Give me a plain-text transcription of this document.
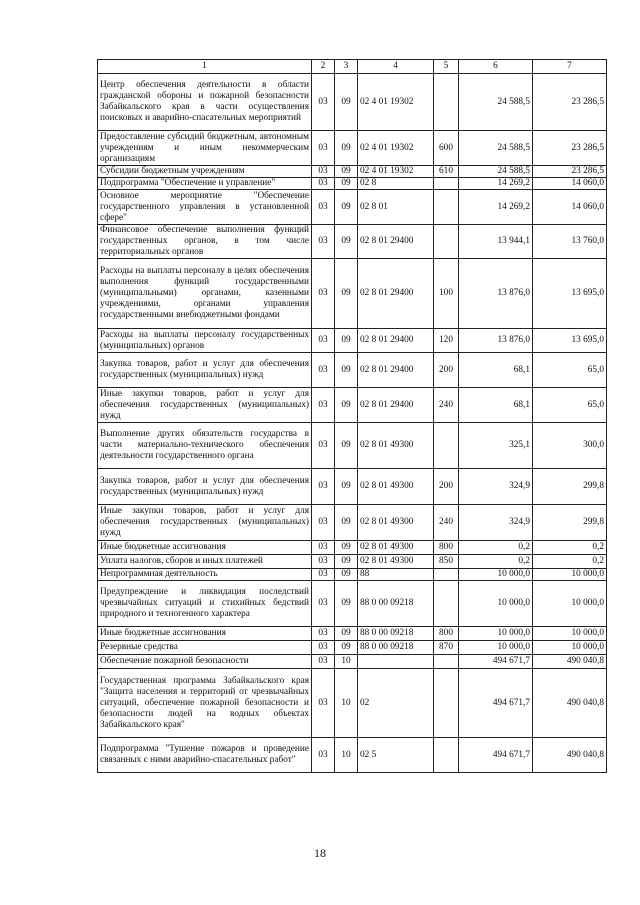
1	2	3	4	5	6	7
Центр обеспечения деятельности в области гражданской обороны и пожарной безопасности Забайкальского края в части осуществления поисковых и аварийно-спасательных мероприятий	03	09	02 4 01 19302		24 588,5	23 286,5
Предоставление субсидий бюджетным, автономным учреждениям и иным некоммерческим организациям	03	09	02 4 01 19302	600	24 588,5	23 286,5
Субсидии бюджетным учреждениям	03	09	02 4 01 19302	610	24 588,5	23 286,5
Подпрограмма "Обеспечение и управление"	03	09	02 8		14 269,2	14 060,0
Основное мероприятие "Обеспечение государственного управления в установленной сфере"	03	09	02 8 01		14 269,2	14 060,0
Финансовое обеспечение выполнения функций государственных органов, в том числе территориальных органов	03	09	02 8 01 29400		13 944,1	13 760,0
Расходы на выплаты персоналу в целях обеспечения выполнения функций государственными (муниципальными) органами, казенными учреждениями, органами управления государственными внебюджетными фондами	03	09	02 8 01 29400	100	13 876,0	13 695,0
Расходы на выплаты персоналу государственных (муниципальных) органов	03	09	02 8 01 29400	120	13 876,0	13 695,0
Закупка товаров, работ и услуг для обеспечения государственных (муниципальных) нужд	03	09	02 8 01 29400	200	68,1	65,0
Иные закупки товаров, работ и услуг для обеспечения государственных (муниципальных) нужд	03	09	02 8 01 29400	240	68,1	65,0
Выполнение других обязательств государства в части материально-технического обеспечения деятельности государственного органа	03	09	02 8 01 49300		325,1	300,0
Закупка товаров, работ и услуг для обеспечения государственных (муниципальных) нужд	03	09	02 8 01 49300	200	324,9	299,8
Иные закупки товаров, работ и услуг для обеспечения государственных (муниципальных) нужд	03	09	02 8 01 49300	240	324,9	299,8
Иные бюджетные ассигнования	03	09	02 8 01 49300	800	0,2	0,2
Уплата налогов, сборов и иных платежей	03	09	02 8 01 49300	850	0,2	0,2
Непрограммная деятельность	03	09	88		10 000,0	10 000,0
Предупреждение и ликвидация последствий чрезвычайных ситуаций и стихийных бедствий природного и техногенного характера	03	09	88 0 00 09218		10 000,0	10 000,0
Иные бюджетные ассигнования	03	09	88 0 00 09218	800	10 000,0	10 000,0
Резервные средства	03	09	88 0 00 09218	870	10 000,0	10 000,0
Обеспечение пожарной безопасности	03	10			494 671,7	490 040,8
Государственная программа Забайкальского края "Защита населения и территорий от чрезвычайных ситуаций, обеспечение пожарной безопасности и безопасности людей на водных объектах Забайкальского края"	03	10	02		494 671,7	490 040,8
Подпрограмма "Тушение пожаров и проведение связанных с ними аварийно-спасательных работ"	03	10	02 5		494 671,7	490 040,8
18
